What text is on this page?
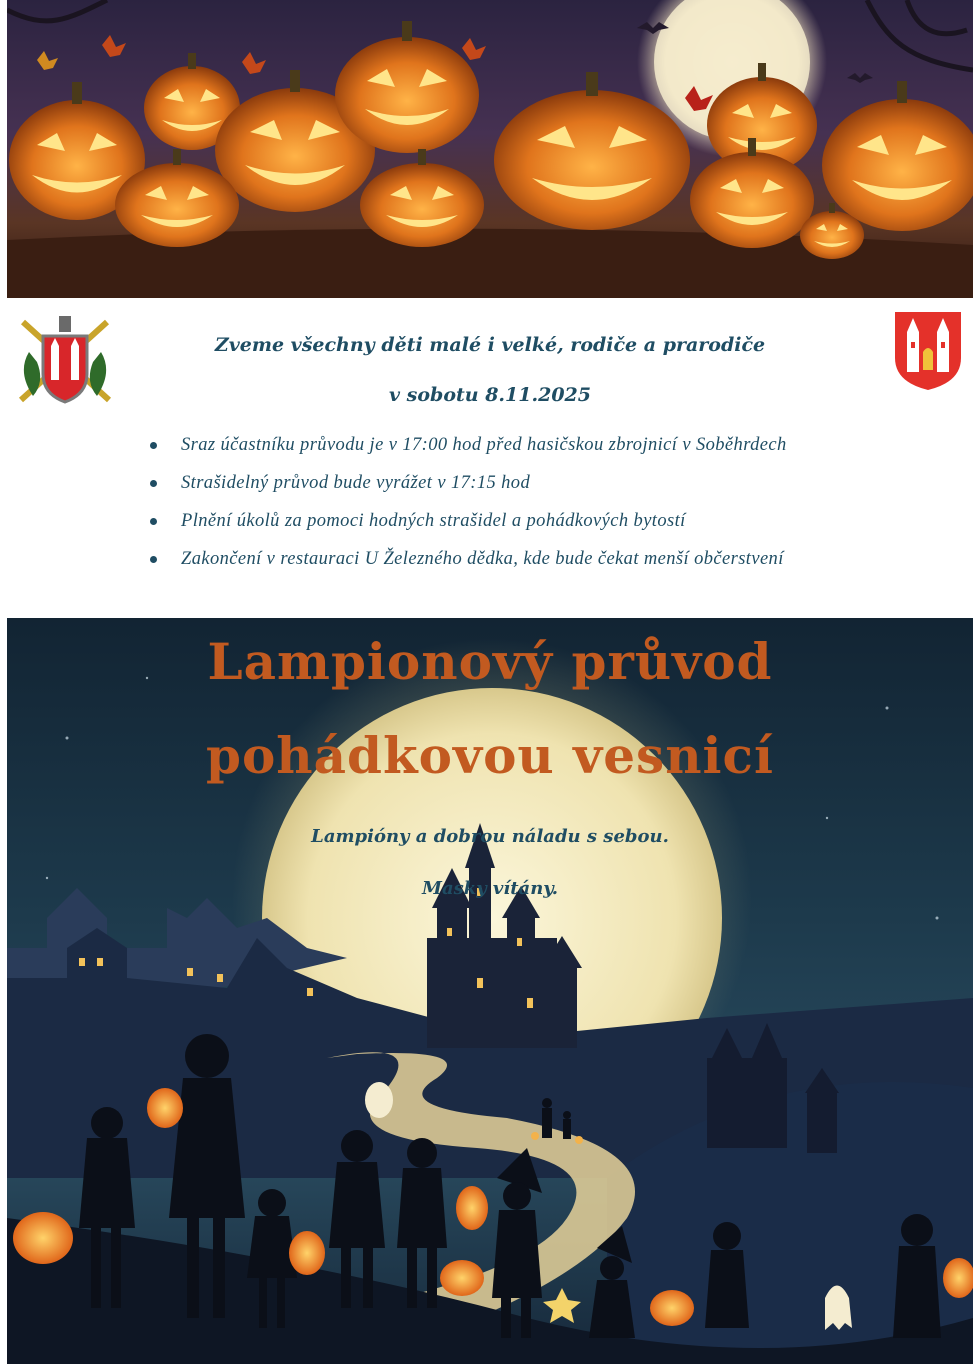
Zveme všechny děti malé i velké, rodiče a prarodiče
v sobotu 8.11.2025
Sraz účastníku průvodu je v 17:00 hod před hasičskou zbrojnicí v Soběhrdech
Strašidelný průvod bude vyrážet v 17:15 hod
Plnění úkolů za pomoci hodných strašidel a pohádkových bytostí
Zakončení v restauraci U Železného dědka, kde bude čekat menší občerstvení
Lampionový průvod
pohádkovou vesnicí
Lampióny a dobrou náladu s sebou.
Masky vítány.
